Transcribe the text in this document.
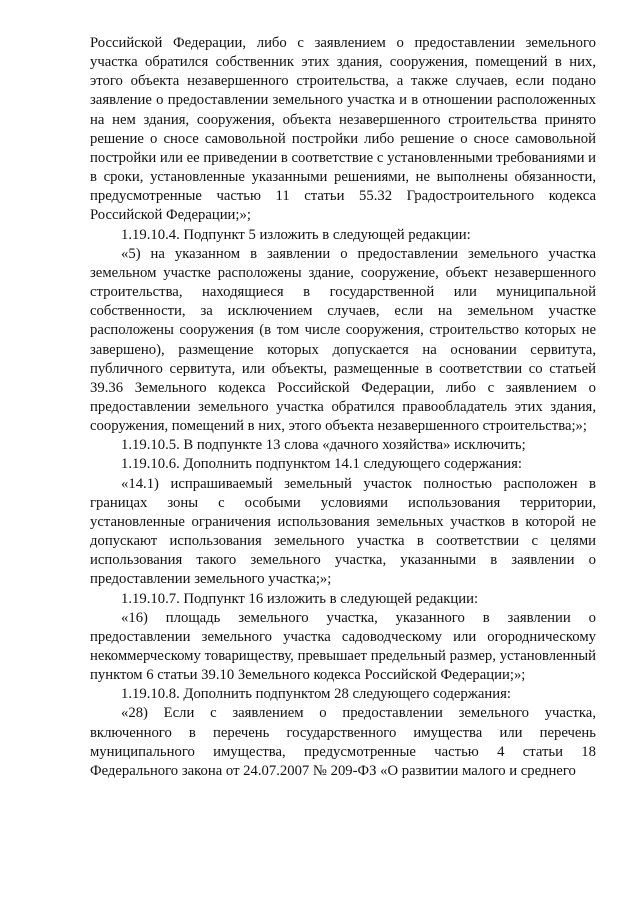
Российской Федерации, либо с заявлением о предоставлении земельного участка обратился собственник этих здания, сооружения, помещений в них, этого объекта незавершенного строительства, а также случаев, если подано заявление о предоставлении земельного участка и в отношении расположенных на нем здания, сооружения, объекта незавершенного строительства принято решение о сносе самовольной постройки либо решение о сносе самовольной постройки или ее приведении в соответствие с установленными требованиями и в сроки, установленные указанными решениями, не выполнены обязанности, предусмотренные частью 11 статьи 55.32 Градостроительного кодекса Российской Федерации;»;

1.19.10.4. Подпункт 5 изложить в следующей редакции:

«5) на указанном в заявлении о предоставлении земельного участка земельном участке расположены здание, сооружение, объект незавершенного строительства, находящиеся в государственной или муниципальной собственности, за исключением случаев, если на земельном участке расположены сооружения (в том числе сооружения, строительство которых не завершено), размещение которых допускается на основании сервитута, публичного сервитута, или объекты, размещенные в соответствии со статьей 39.36 Земельного кодекса Российской Федерации, либо с заявлением о предоставлении земельного участка обратился правообладатель этих здания, сооружения, помещений в них, этого объекта незавершенного строительства;»;

1.19.10.5. В подпункте 13 слова «дачного хозяйства» исключить;

1.19.10.6. Дополнить подпунктом 14.1 следующего содержания:

«14.1) испрашиваемый земельный участок полностью расположен в границах зоны с особыми условиями использования территории, установленные ограничения использования земельных участков в которой не допускают использования земельного участка в соответствии с целями использования такого земельного участка, указанными в заявлении о предоставлении земельного участка;»;

1.19.10.7. Подпункт 16 изложить в следующей редакции:

«16) площадь земельного участка, указанного в заявлении о предоставлении земельного участка садоводческому или огородническому некоммерческому товариществу, превышает предельный размер, установленный пунктом 6 статьи 39.10 Земельного кодекса Российской Федерации;»;

1.19.10.8. Дополнить подпунктом 28 следующего содержания:

«28) Если с заявлением о предоставлении земельного участка, включенного в перечень государственного имущества или перечень муниципального имущества, предусмотренные частью 4 статьи 18 Федерального закона от 24.07.2007 № 209-ФЗ «О развитии малого и среднего
